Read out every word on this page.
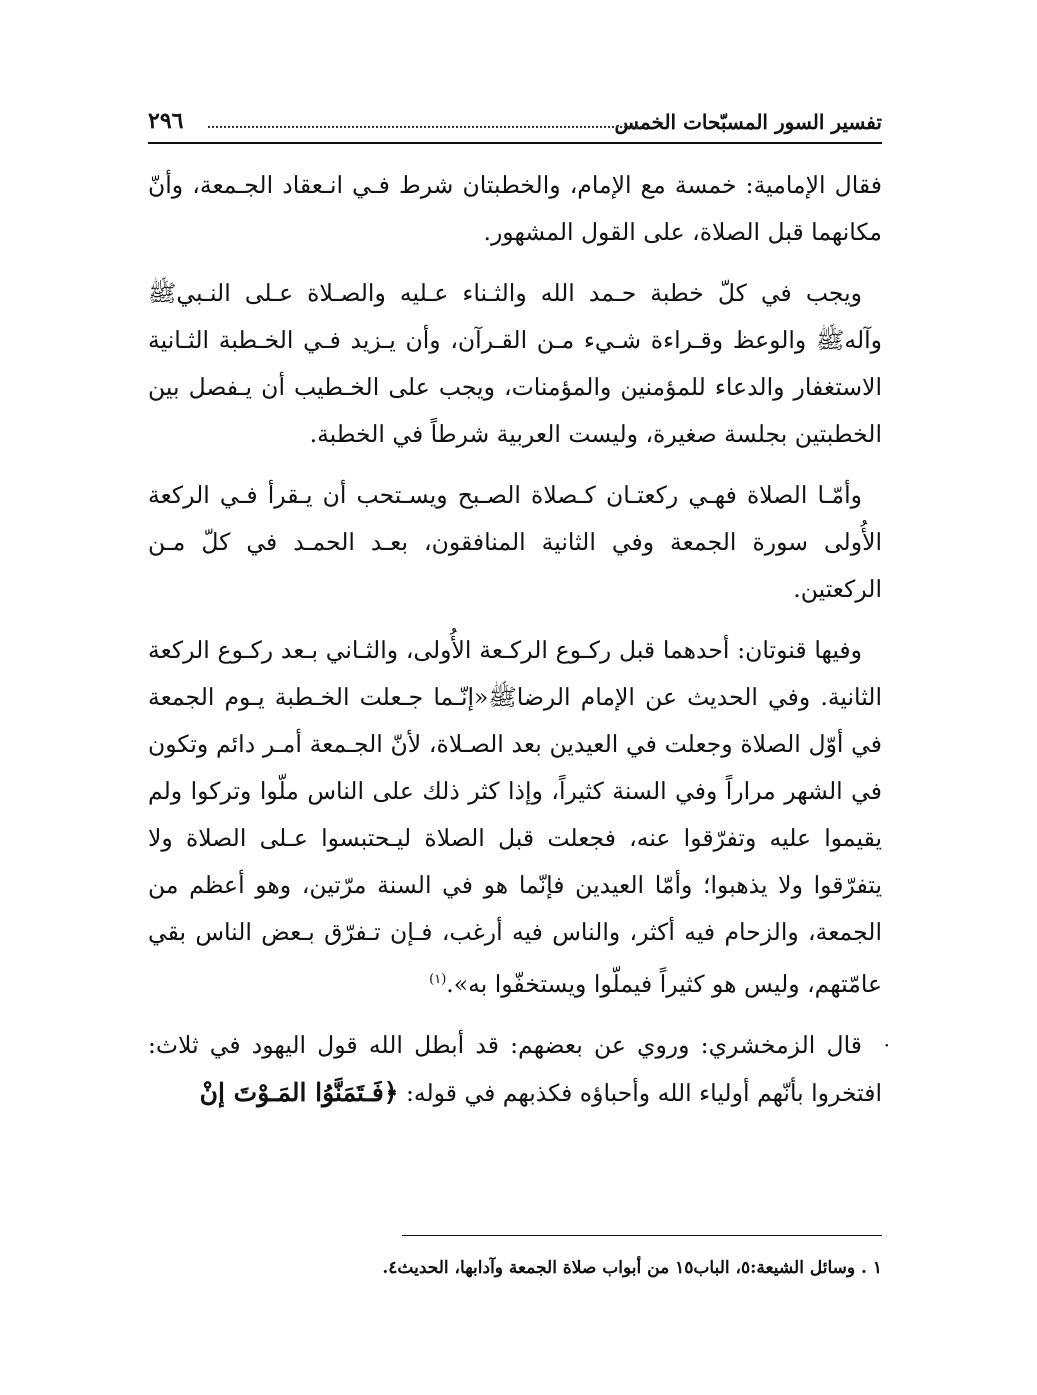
تفسير السور المسبّحات الخمس
٢٩٦

فقال الإمامية: خمسة مع الإمام، والخطبتان شرط فـي انـعقاد الجـمعة، وأنّ مكانهما قبل الصلاة، على القول المشهور.

ويجب في كلّ خطبة حـمد الله والثـناء عـليه والصـلاة عـلى النـبيﷺ وآلهﷺ والوعظ وقـراءة شـيء مـن القـرآن، وأن يـزيد فـي الخـطبة الثـانية الاستغفار والدعاء للمؤمنين والمؤمنات، ويجب على الخـطيب أن يـفصل بين الخطبتين بجلسة صغيرة، وليست العربية شرطاً في الخطبة.

وأمّـا الصلاة فهـي ركعتـان كـصلاة الصـبح ويسـتحب أن يـقرأ فـي الركعة الأُولى سورة الجمعة وفي الثانية المنافقون، بعـد الحمـد في كلّ مـن الركعتين.

وفيها قنوتان: أحدهما قبل ركـوع الركـعة الأُولى، والثـاني بـعد ركـوع الركعة الثانية. وفي الحديث عن الإمام الرضاﷺ«إنّـما جـعلت الخـطبة يـوم الجمعة في أوّل الصلاة وجعلت في العيدين بعد الصـلاة، لأنّ الجـمعة أمـر دائم وتكون في الشهر مراراً وفي السنة كثيراً، وإذا كثر ذلك على الناس ملّوا وتركوا ولم يقيموا عليه وتفرّقوا عنه، فجعلت قبل الصلاة ليـحتبسوا عـلى الصلاة ولا يتفرّقوا ولا يذهبوا؛ وأمّا العيدين فإنّما هو في السنة مرّتين، وهو أعظم من الجمعة، والزحام فيه أكثر، والناس فيه أرغب، فـإن تـفرّق بـعض الناس بقي عامّتهم، وليس هو كثيراً فيملّوا ويستخفّوا به».$^{(١)}$

·
قال الزمخشري: وروي عن بعضهم: قد أبطل الله قول اليهود في ثلاث: افتخروا بأنّهم أولياء الله وأحباؤه فكذبهم في قوله: ﴿فَـتَمَنَّوُا المَـوْتَ إنْ

١ . وسائل الشيعة:٥، الباب١٥ من أبواب صلاة الجمعة وآدابها، الحديث٤.
